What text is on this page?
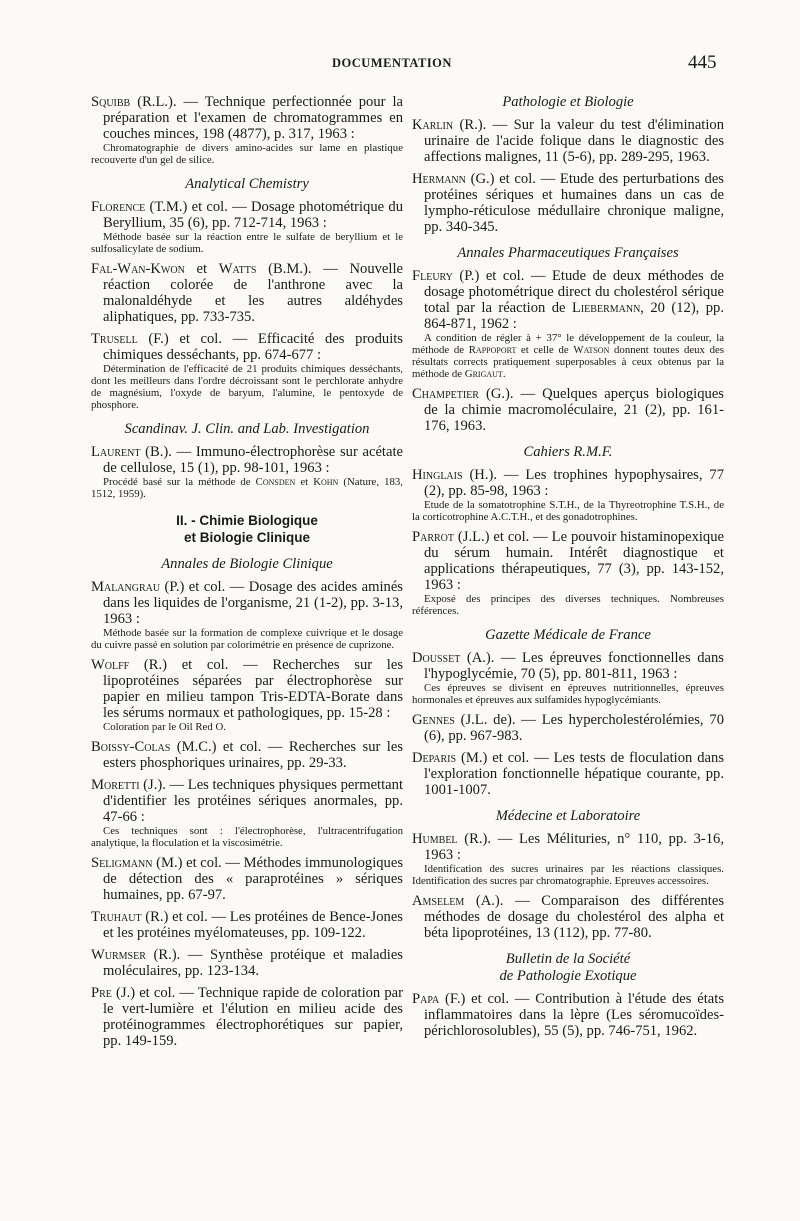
DOCUMENTATION	445

Squibb (R.L.). — Technique perfectionnée pour la préparation et l'examen de chromatogrammes en couches minces, 198 (4877), p. 317, 1963 :

Chromatographie de divers amino-acides sur lame en plastique recouverte d'un gel de silice.

Analytical Chemistry

Florence (T.M.) et col. — Dosage photométrique du Beryllium, 35 (6), pp. 712-714, 1963 :

Méthode basée sur la réaction entre le sulfate de beryllium et le sulfosalicylate de sodium.

Fal-Wan-Kwon et Watts (B.M.). — Nouvelle réaction colorée de l'anthrone avec la malonaldéhyde et les autres aldéhydes aliphatiques, pp. 733-735.

Trusell (F.) et col. — Efficacité des produits chimiques desséchants, pp. 674-677 :

Détermination de l'efficacité de 21 produits chimiques desséchants, dont les meilleurs dans l'ordre décroissant sont le perchlorate anhydre de magnésium, l'oxyde de baryum, l'alumine, le pentoxyde de phosphore.

Scandinav. J. Clin. and Lab. Investigation

Laurent (B.). — Immuno-électrophorèse sur acétate de cellulose, 15 (1), pp. 98-101, 1963 :

Procédé basé sur la méthode de Consden et Kohn (Nature, 183, 1512, 1959).

II. - Chimie Biologique
et Biologie Clinique
Annales de Biologie Clinique

Malangrau (P.) et col. — Dosage des acides aminés dans les liquides de l'organisme, 21 (1-2), pp. 3-13, 1963 :

Méthode basée sur la formation de complexe cuivrique et le dosage du cuivre passé en solution par colorimétrie en présence de cuprizone.

Wolff (R.) et col. — Recherches sur les lipoprotéines séparées par électrophorèse sur papier en milieu tampon Tris-EDTA-Borate dans les sérums normaux et pathologiques, pp. 15-28 :

Coloration par le Oil Red O.

Boissy-Colas (M.C.) et col. — Recherches sur les esters phosphoriques urinaires, pp. 29-33.

Moretti (J.). — Les techniques physiques permettant d'identifier les protéines sériques anormales, pp. 47-66 :

Ces techniques sont : l'électrophorèse, l'ultracentrifugation analytique, la floculation et la viscosimétrie.

Seligmann (M.) et col. — Méthodes immunologiques de détection des « paraprotéines » sériques humaines, pp. 67-97.

Truhaut (R.) et col. — Les protéines de Bence-Jones et les protéines myélomateuses, pp. 109-122.

Wurmser (R.). — Synthèse protéique et maladies moléculaires, pp. 123-134.

Pre (J.) et col. — Technique rapide de coloration par le vert-lumière et l'élution en milieu acide des protéinogrammes électrophorétiques sur papier, pp. 149-159.

Pathologie et Biologie

Karlin (R.). — Sur la valeur du test d'élimination urinaire de l'acide folique dans le diagnostic des affections malignes, 11 (5-6), pp. 289-295, 1963.

Hermann (G.) et col. — Etude des perturbations des protéines sériques et humaines dans un cas de lympho-réticulose médullaire chronique maligne, pp. 340-345.

Annales Pharmaceutiques Françaises

Fleury (P.) et col. — Etude de deux méthodes de dosage photométrique direct du cholestérol sérique total par la réaction de Liebermann, 20 (12), pp. 864-871, 1962 :

A condition de régler à + 37° le développement de la couleur, la méthode de Rappoport et celle de Watson donnent toutes deux des résultats corrects pratiquement superposables à ceux obtenus par la méthode de Grigaut.

Champetier (G.). — Quelques aperçus biologiques de la chimie macromoléculaire, 21 (2), pp. 161-176, 1963.

Cahiers R.M.F.

Hinglais (H.). — Les trophines hypophysaires, 77 (2), pp. 85-98, 1963 :

Etude de la somatotrophine S.T.H., de la Thyreotrophine T.S.H., de la corticotrophine A.C.T.H., et des gonadotrophines.

Parrot (J.L.) et col. — Le pouvoir histaminopexique du sérum humain. Intérêt diagnostique et applications thérapeutiques, 77 (3), pp. 143-152, 1963 :

Exposé des principes des diverses techniques. Nombreuses références.

Gazette Médicale de France

Dousset (A.). — Les épreuves fonctionnelles dans l'hypoglycémie, 70 (5), pp. 801-811, 1963 :

Ces épreuves se divisent en épreuves nutritionnelles, épreuves hormonales et épreuves aux sulfamides hypoglycémiants.

Gennes (J.L. de). — Les hypercholestérolémies, 70 (6), pp. 967-983.

Deparis (M.) et col. — Les tests de floculation dans l'exploration fonctionnelle hépatique courante, pp. 1001-1007.

Médecine et Laboratoire

Humbel (R.). — Les Mélituries, n° 110, pp. 3-16, 1963 :

Identification des sucres urinaires par les réactions classiques. Identification des sucres par chromatographie. Epreuves accessoires.

Amselem (A.). — Comparaison des différentes méthodes de dosage du cholestérol des alpha et béta lipoprotéines, 13 (112), pp. 77-80.

Bulletin de la Société
de Pathologie Exotique

Papa (F.) et col. — Contribution à l'étude des états inflammatoires dans la lèpre (Les séromucoïdes-périchlorosolubles), 55 (5), pp. 746-751, 1962.
